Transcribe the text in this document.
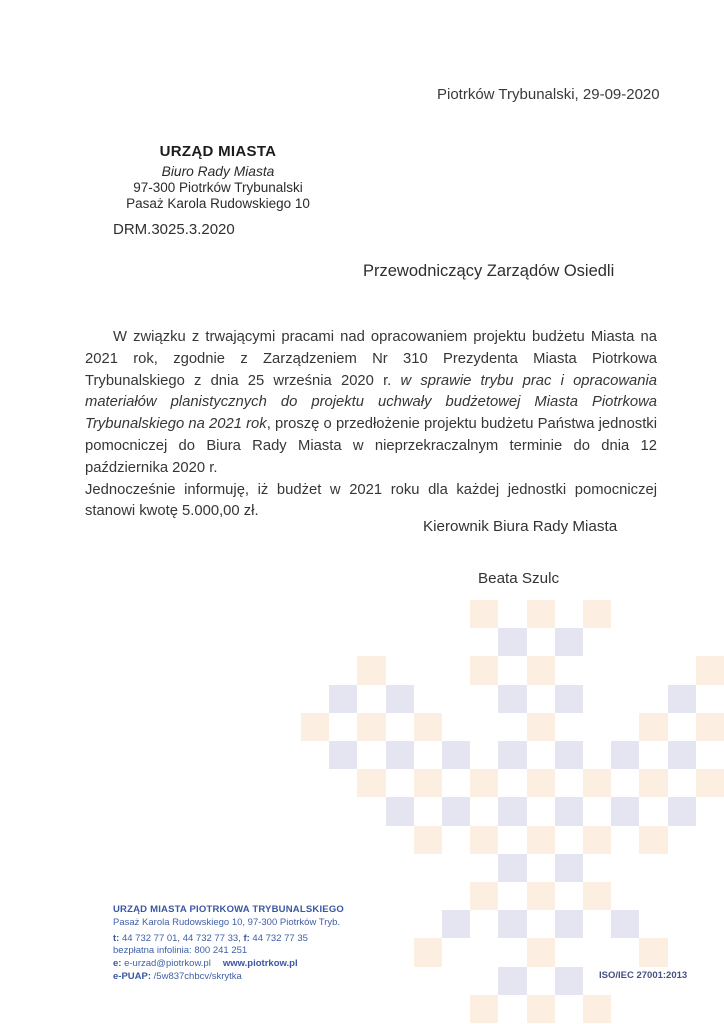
Piotrków Trybunalski, 29-09-2020
URZĄD MIASTA
Biuro Rady Miasta
97-300 Piotrków Trybunalski
Pasaż Karola Rudowskiego 10
DRM.3025.3.2020
Przewodniczący Zarządów Osiedli

W związku z trwającymi pracami nad opracowaniem projektu budżetu Miasta na 2021 rok, zgodnie z Zarządzeniem Nr 310 Prezydenta Miasta Piotrkowa Trybunalskiego z dnia 25 września 2020 r. w sprawie trybu prac i opracowania materiałów planistycznych do projektu uchwały budżetowej Miasta Piotrkowa Trybunalskiego na 2021 rok, proszę o przedłożenie projektu budżetu Państwa jednostki pomocniczej do Biura Rady Miasta w nieprzekraczalnym terminie do dnia 12 października 2020 r.

Jednocześnie informuję, iż budżet w 2021 roku dla każdej jednostki pomocniczej stanowi kwotę 5.000,00 zł.

Kierownik Biura Rady Miasta
Beata Szulc
URZĄD MIASTA PIOTRKOWA TRYBUNALSKIEGO
Pasaż Karola Rudowskiego 10, 97-300 Piotrków Tryb.
t: 44 732 77 01, 44 732 77 33, f: 44 732 77 35
bezpłatna infolinia: 800 241 251
e: e-urzad@piotrkow.pl www.piotrkow.pl
e-PUAP: /5w837chbcv/skrytka	ISO/IEC 27001:2013
